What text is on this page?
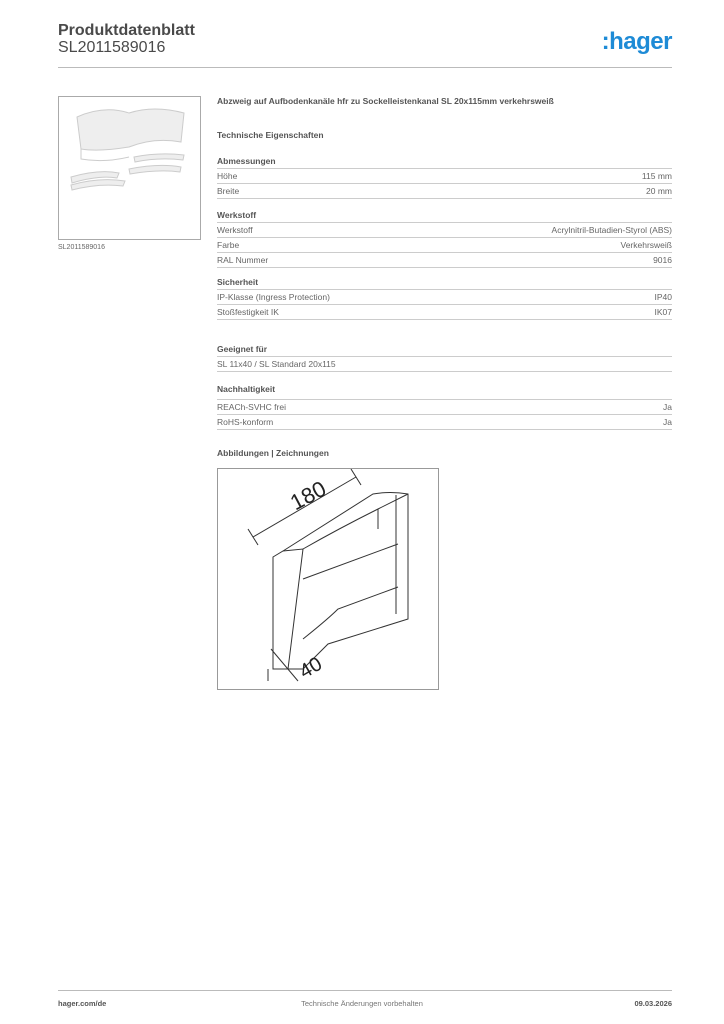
Produktdatenblatt
SL2011589016	:hager
SL2011589016
Abzweig auf Aufbodenkanäle hfr zu Sockelleistenkanal SL 20x115mm verkehrsweiß
Technische Eigenschaften
Abmessungen
Höhe	115 mm
Breite	20 mm
Werkstoff
Werkstoff	Acrylnitril-Butadien-Styrol (ABS)
Farbe	Verkehrsweiß
RAL Nummer	9016
Sicherheit
IP-Klasse (Ingress Protection)	IP40
Stoßfestigkeit IK	IK07
Geeignet für
SL 11x40 / SL Standard 20x115
Nachhaltigkeit
REACh-SVHC frei	Ja
RoHS-konform	Ja
Abbildungen | Zeichnungen
180
40
hager.com/de	Technische Änderungen vorbehalten	09.03.2026
